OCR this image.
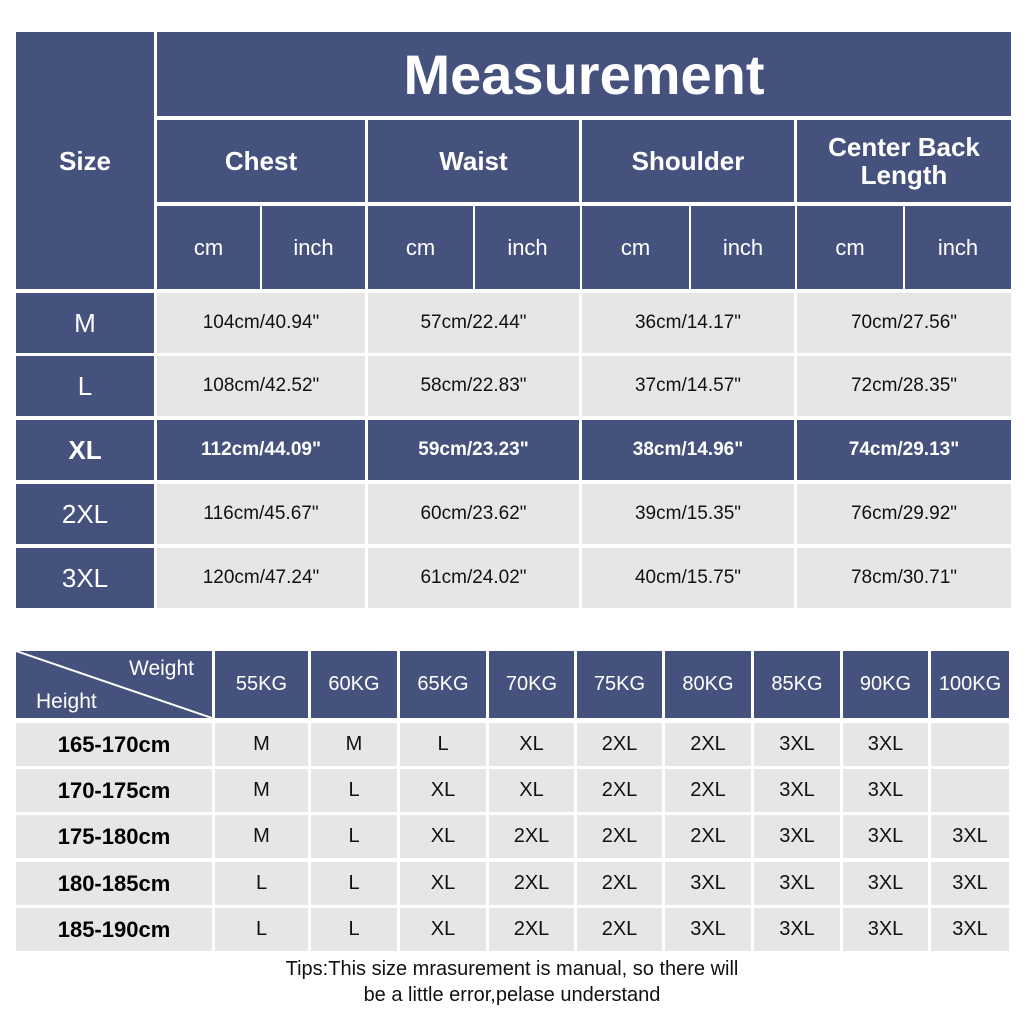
Measurement
Size	Chest	Waist	Shoulder	Center Back Length
cm	inch	cm	inch	cm	inch	cm	inch
M	104cm/40.94"	57cm/22.44"	36cm/14.17"	70cm/27.56"
L	108cm/42.52"	58cm/22.83"	37cm/14.57"	72cm/28.35"
XL	112cm/44.09"	59cm/23.23"	38cm/14.96"	74cm/29.13"
2XL	116cm/45.67"	60cm/23.62"	39cm/15.35"	76cm/29.92"
3XL	120cm/47.24"	61cm/24.02"	40cm/15.75"	78cm/30.71"
Weight
Height
55KG	60KG	65KG	70KG	75KG	80KG	85KG	90KG	100KG
165-170cm	M	M	L	XL	2XL	2XL	3XL	3XL
170-175cm	M	L	XL	XL	2XL	2XL	3XL	3XL
175-180cm	M	L	XL	2XL	2XL	2XL	3XL	3XL	3XL
180-185cm	L	L	XL	2XL	2XL	3XL	3XL	3XL	3XL
185-190cm	L	L	XL	2XL	2XL	3XL	3XL	3XL	3XL
Tips:This size mrasurement is manual, so there will
be a little error,pelase understand
